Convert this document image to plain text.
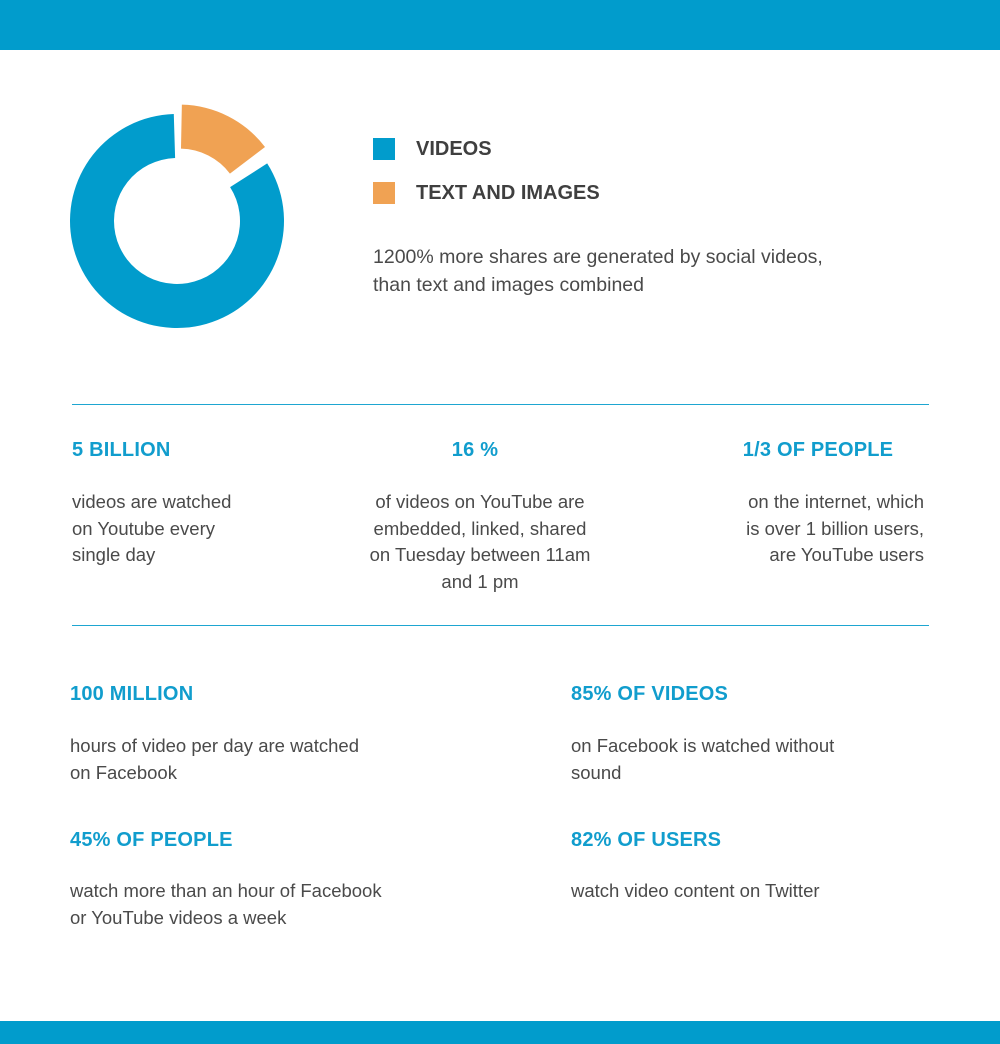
VIDEOS
TEXT AND IMAGES
1200% more shares are generated by social videos,
than text and images combined
5 BILLION
videos are watched
on Youtube every
single day
16 %
of videos on YouTube are
embedded, linked, shared
on Tuesday between 11am
and 1 pm
1/3 OF PEOPLE
on the internet, which
is over 1 billion users,
are YouTube users
100 MILLION
hours of video per day are watched
on Facebook
85% OF VIDEOS
on Facebook is watched without
sound
45% OF PEOPLE
watch more than an hour of Facebook
or YouTube videos a week
82% OF USERS
watch video content on Twitter
